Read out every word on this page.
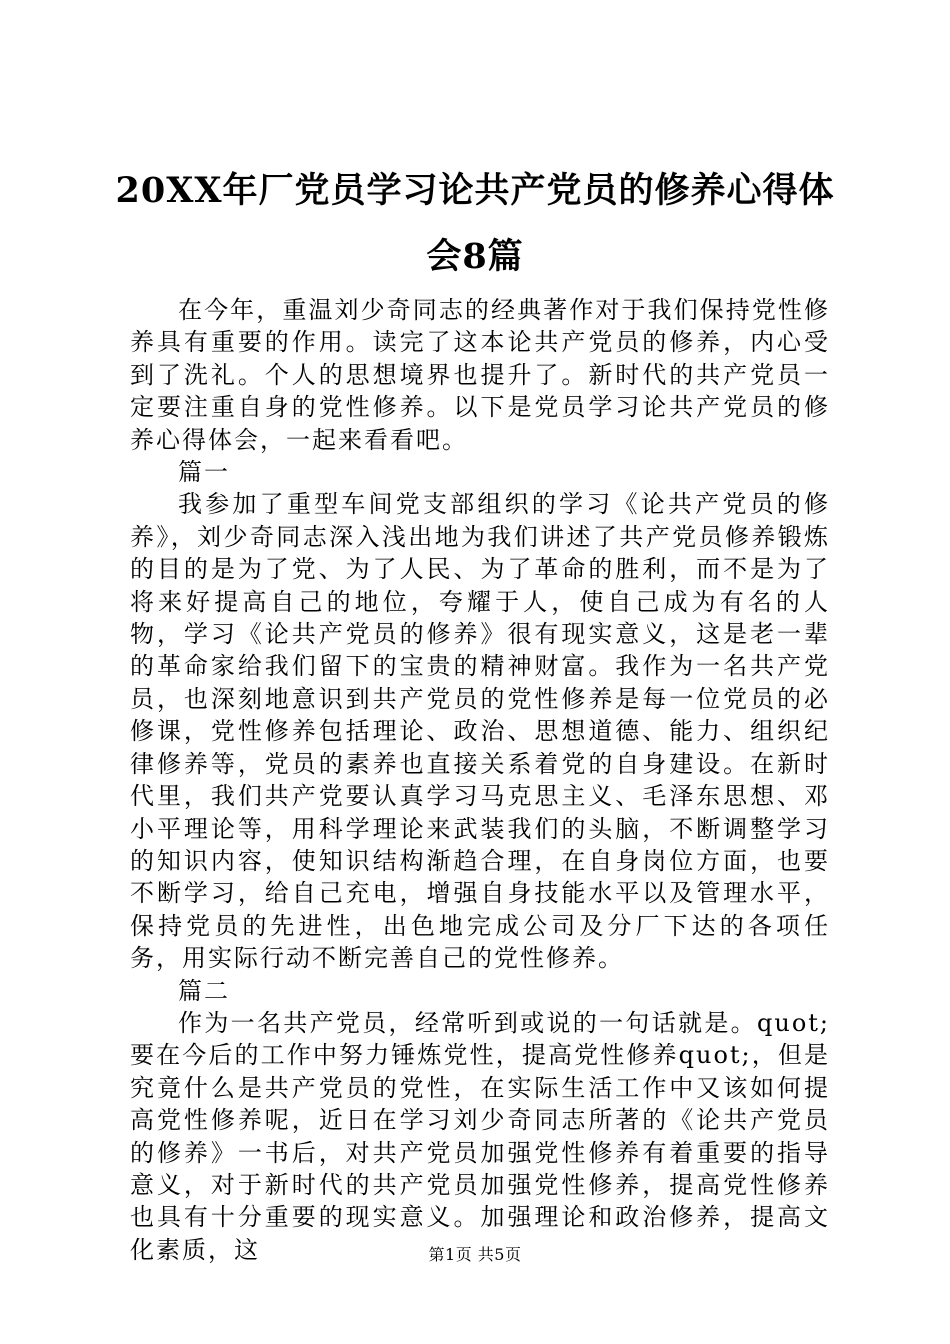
20XX年厂党员学习论共产党员的修养心得体会8篇

在今年，重温刘少奇同志的经典著作对于我们保持党性修养具有重要的作用。读完了这本论共产党员的修养，内心受到了洗礼。个人的思想境界也提升了。新时代的共产党员一定要注重自身的党性修养。以下是党员学习论共产党员的修养心得体会，一起来看看吧。

篇一

我参加了重型车间党支部组织的学习《论共产党员的修养》，刘少奇同志深入浅出地为我们讲述了共产党员修养锻炼的目的是为了党、为了人民、为了革命的胜利，而不是为了将来好提高自己的地位，夸耀于人，使自己成为有名的人物，学习《论共产党员的修养》很有现实意义，这是老一辈的革命家给我们留下的宝贵的精神财富。我作为一名共产党员，也深刻地意识到共产党员的党性修养是每一位党员的必修课，党性修养包括理论、政治、思想道德、能力、组织纪律修养等，党员的素养也直接关系着党的自身建设。在新时代里，我们共产党要认真学习马克思主义、毛泽东思想、邓小平理论等，用科学理论来武装我们的头脑，不断调整学习的知识内容，使知识结构渐趋合理，在自身岗位方面，也要不断学习，给自己充电，增强自身技能水平以及管理水平，保持党员的先进性，出色地完成公司及分厂下达的各项任务，用实际行动不断完善自己的党性修养。

篇二

作为一名共产党员，经常听到或说的一句话就是。quot;要在今后的工作中努力锤炼党性，提高党性修养quot;，但是究竟什么是共产党员的党性，在实际生活工作中又该如何提高党性修养呢，近日在学习刘少奇同志所著的《论共产党员的修养》一书后，对共产党员加强党性修养有着重要的指导意义，对于新时代的共产党员加强党性修养，提高党性修养也具有十分重要的现实意义。加强理论和政治修养，提高文化素质，这	第1页 共5页
